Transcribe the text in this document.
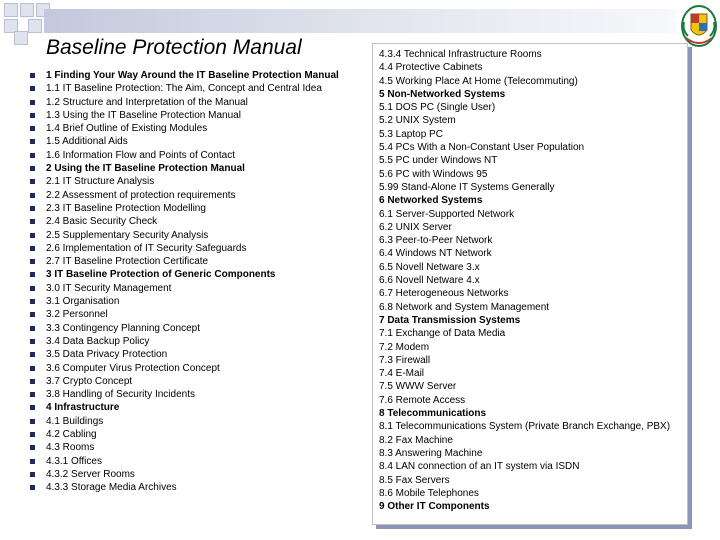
Baseline Protection Manual
1 Finding Your Way Around the IT Baseline Protection Manual
1.1 IT Baseline Protection: The Aim, Concept and Central Idea
1.2 Structure and Interpretation of the Manual
1.3 Using the IT Baseline Protection Manual
1.4 Brief Outline of Existing Modules
1.5 Additional Aids
1.6 Information Flow and Points of Contact
2 Using the IT Baseline Protection Manual
2.1 IT Structure Analysis
2.2 Assessment of protection requirements
2.3 IT Baseline Protection Modelling
2.4 Basic Security Check
2.5 Supplementary Security Analysis
2.6 Implementation of IT Security Safeguards
2.7 IT Baseline Protection Certificate
3 IT Baseline Protection of Generic Components
3.0 IT Security Management
3.1 Organisation
3.2 Personnel
3.3 Contingency Planning Concept
3.4 Data Backup Policy
3.5 Data Privacy Protection
3.6 Computer Virus Protection Concept
3.7 Crypto Concept
3.8 Handling of Security Incidents
4 Infrastructure
4.1 Buildings
4.2 Cabling
4.3 Rooms
4.3.1 Offices
4.3.2 Server Rooms
4.3.3 Storage Media Archives
4.3.4 Technical Infrastructure Rooms
4.4 Protective Cabinets
4.5 Working Place At Home (Telecommuting)
5 Non-Networked Systems
5.1 DOS PC (Single User)
5.2 UNIX System
5.3 Laptop PC
5.4 PCs With a Non-Constant User Population
5.5 PC under Windows NT
5.6 PC with Windows 95
5.99 Stand-Alone IT Systems Generally
6 Networked Systems
6.1 Server-Supported Network
6.2 UNIX Server
6.3 Peer-to-Peer Network
6.4 Windows NT Network
6.5 Novell Netware 3.x
6.6 Novell Netware 4.x
6.7 Heterogeneous Networks
6.8 Network and System Management
7 Data Transmission Systems
7.1 Exchange of Data Media
7.2 Modem
7.3 Firewall
7.4 E-Mail
7.5 WWW Server
7.6 Remote Access
8 Telecommunications
8.1 Telecommunications System (Private Branch Exchange, PBX)
8.2 Fax Machine
8.3 Answering Machine
8.4 LAN connection of an IT system via ISDN
8.5 Fax Servers
8.6 Mobile Telephones
9 Other IT Components
